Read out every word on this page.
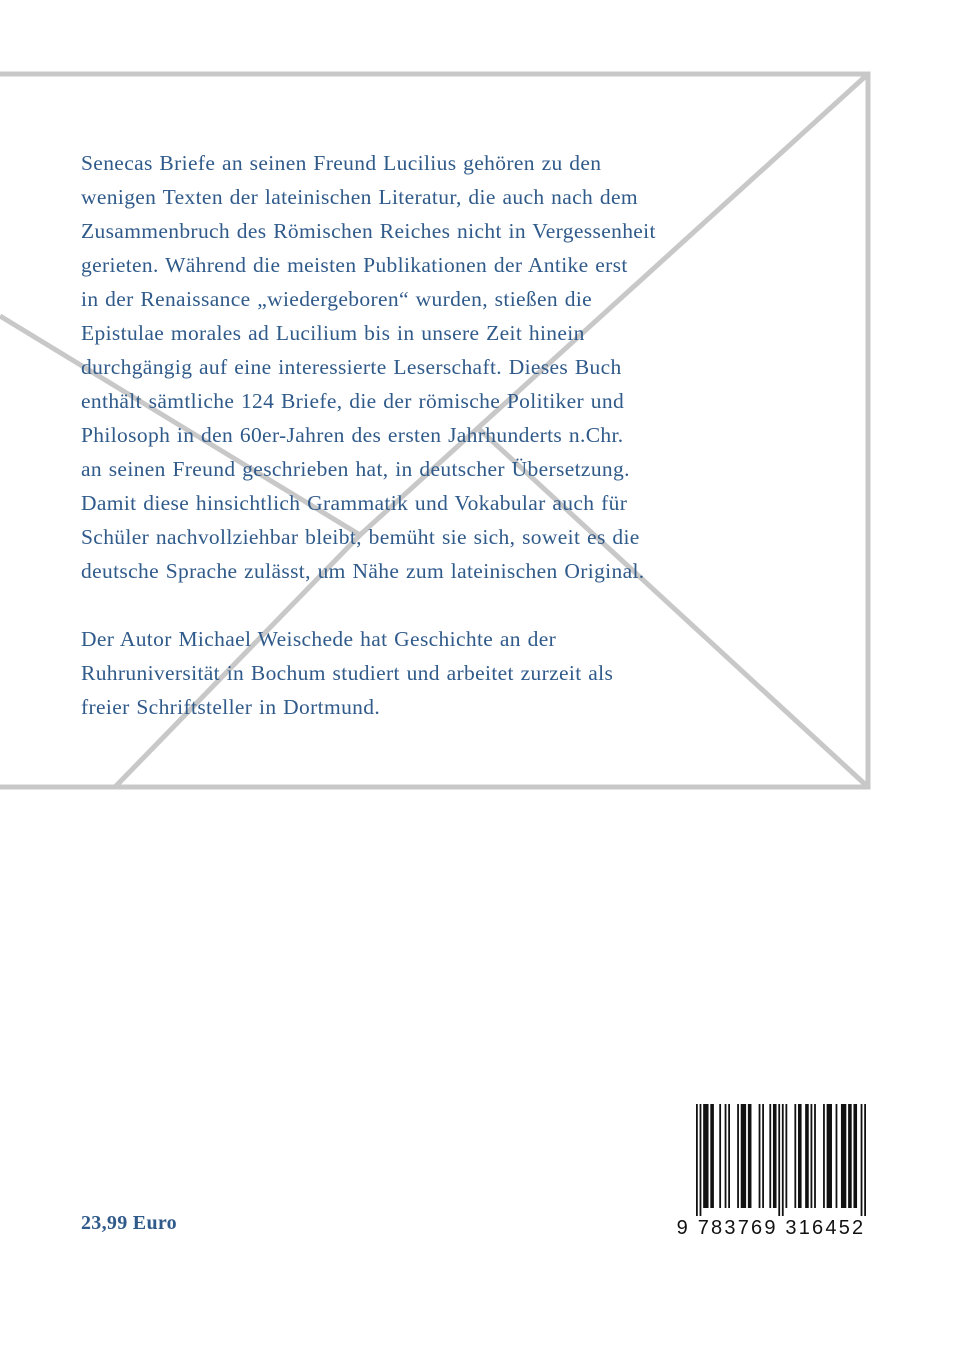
Senecas Briefe an seinen Freund Lucilius gehören zu den
wenigen Texten der lateinischen Literatur, die auch nach dem
Zusammenbruch des Römischen Reiches nicht in Vergessenheit
gerieten. Während die meisten Publikationen der Antike erst
in der Renaissance „wiedergeboren“ wurden, stießen die
Epistulae morales ad Lucilium bis in unsere Zeit hinein
durchgängig auf eine interessierte Leserschaft. Dieses Buch
enthält sämtliche 124 Briefe, die der römische Politiker und
Philosoph in den 60er-Jahren des ersten Jahrhunderts n.Chr.
an seinen Freund geschrieben hat, in deutscher Übersetzung.
Damit diese hinsichtlich Grammatik und Vokabular auch für
Schüler nachvollziehbar bleibt, bemüht sie sich, soweit es die
deutsche Sprache zulässt, um Nähe zum lateinischen Original.

Der Autor Michael Weischede hat Geschichte an der
Ruhruniversität in Bochum studiert und arbeitet zurzeit als
freier Schriftsteller in Dortmund.

23,99 Euro	9 783769 316452
